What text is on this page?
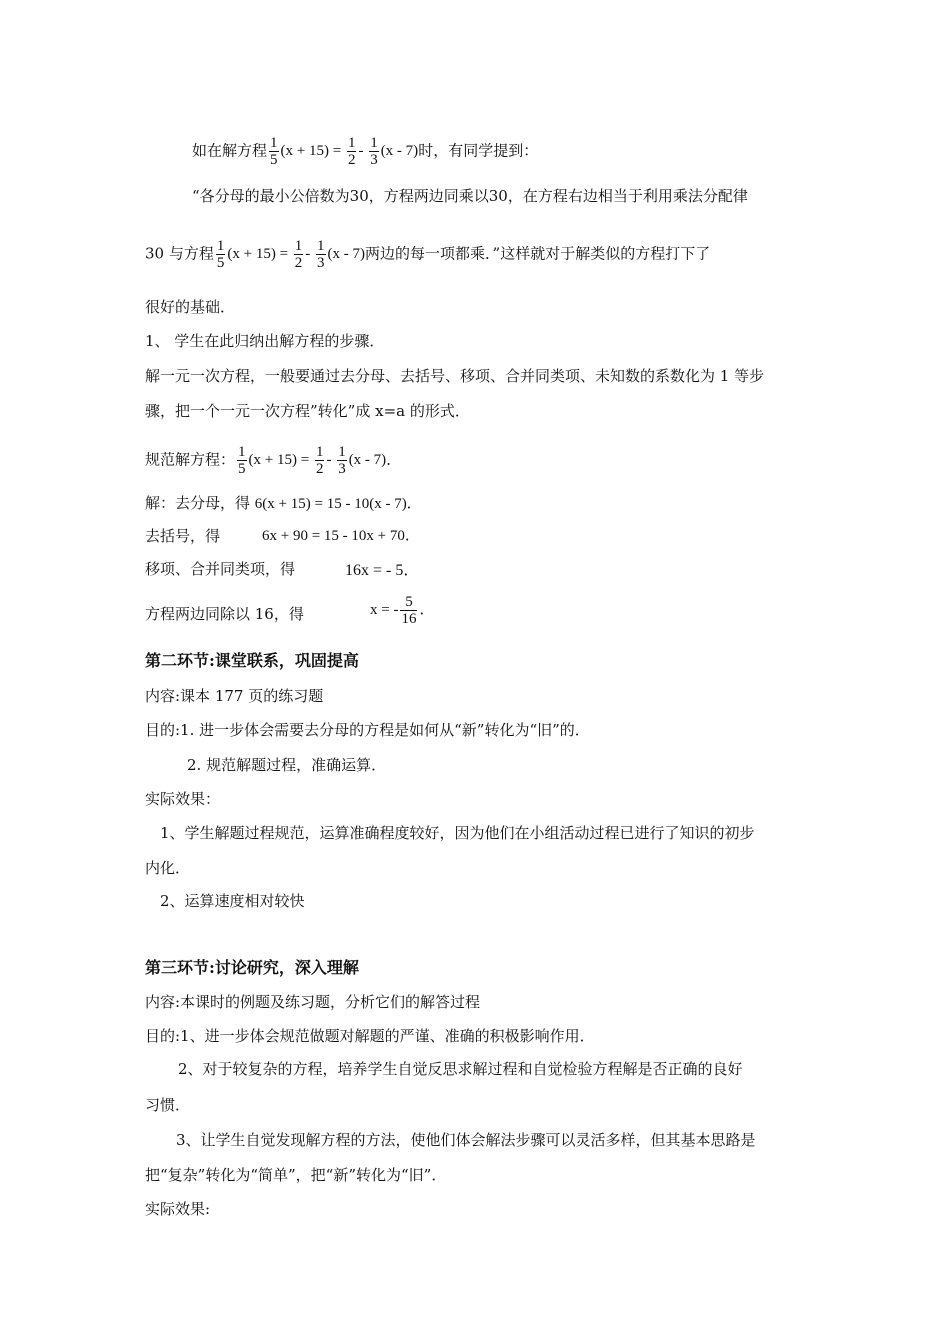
如在解方程 $\frac{1}{5} (x + 15) = \frac{1}{2} - \frac{1}{3} (x - 7)$时，有同学提到：
“各分母的最小公倍数为30，方程两边同乘以30，在方程右边相当于利用乘法分配律
30 与方程 $\frac{1}{5} (x + 15) = \frac{1}{2} - \frac{1}{3} (x - 7)$两边的每一项都乘．”这样就对于解类似的方程打下了
很好的基础．
1、 学生在此归纳出解方程的步骤．
解一元一次方程，一般要通过去分母、去括号、移项、合并同类项、未知数的系数化为 1 等步
骤，把一个一元一次方程”转化”成 x=a 的形式．
规范解方程： $\frac{1}{5} (x + 15) = \frac{1}{2} - \frac{1}{3} (x - 7)$．
解：去分母，得 6(x + 15) = 15 - 10(x - 7)．
去括号，得	6x + 90 = 15 - 10x + 70．
移项、合并同类项，得	16x = - 5．
方程两边同除以 16，得	x = - $\frac{5}{16}$ ．
第二环节:课堂联系，巩固提高
内容:课本 177 页的练习题
目的:1. 进一步体会需要去分母的方程是如何从“新”转化为“旧”的．
2. 规范解题过程，准确运算．
实际效果：
1、学生解题过程规范，运算准确程度较好，因为他们在小组活动过程已进行了知识的初步
内化．
2、运算速度相对较快
第三环节:讨论研究，深入理解
内容:本课时的例题及练习题，分析它们的解答过程
目的:1、进一步体会规范做题对解题的严谨、准确的积极影响作用．
2、对于较复杂的方程，培养学生自觉反思求解过程和自觉检验方程解是否正确的良好
习惯．
3、让学生自觉发现解方程的方法，使他们体会解法步骤可以灵活多样，但其基本思路是
把“复杂”转化为“简单”，把“新”转化为“旧”．
实际效果:
